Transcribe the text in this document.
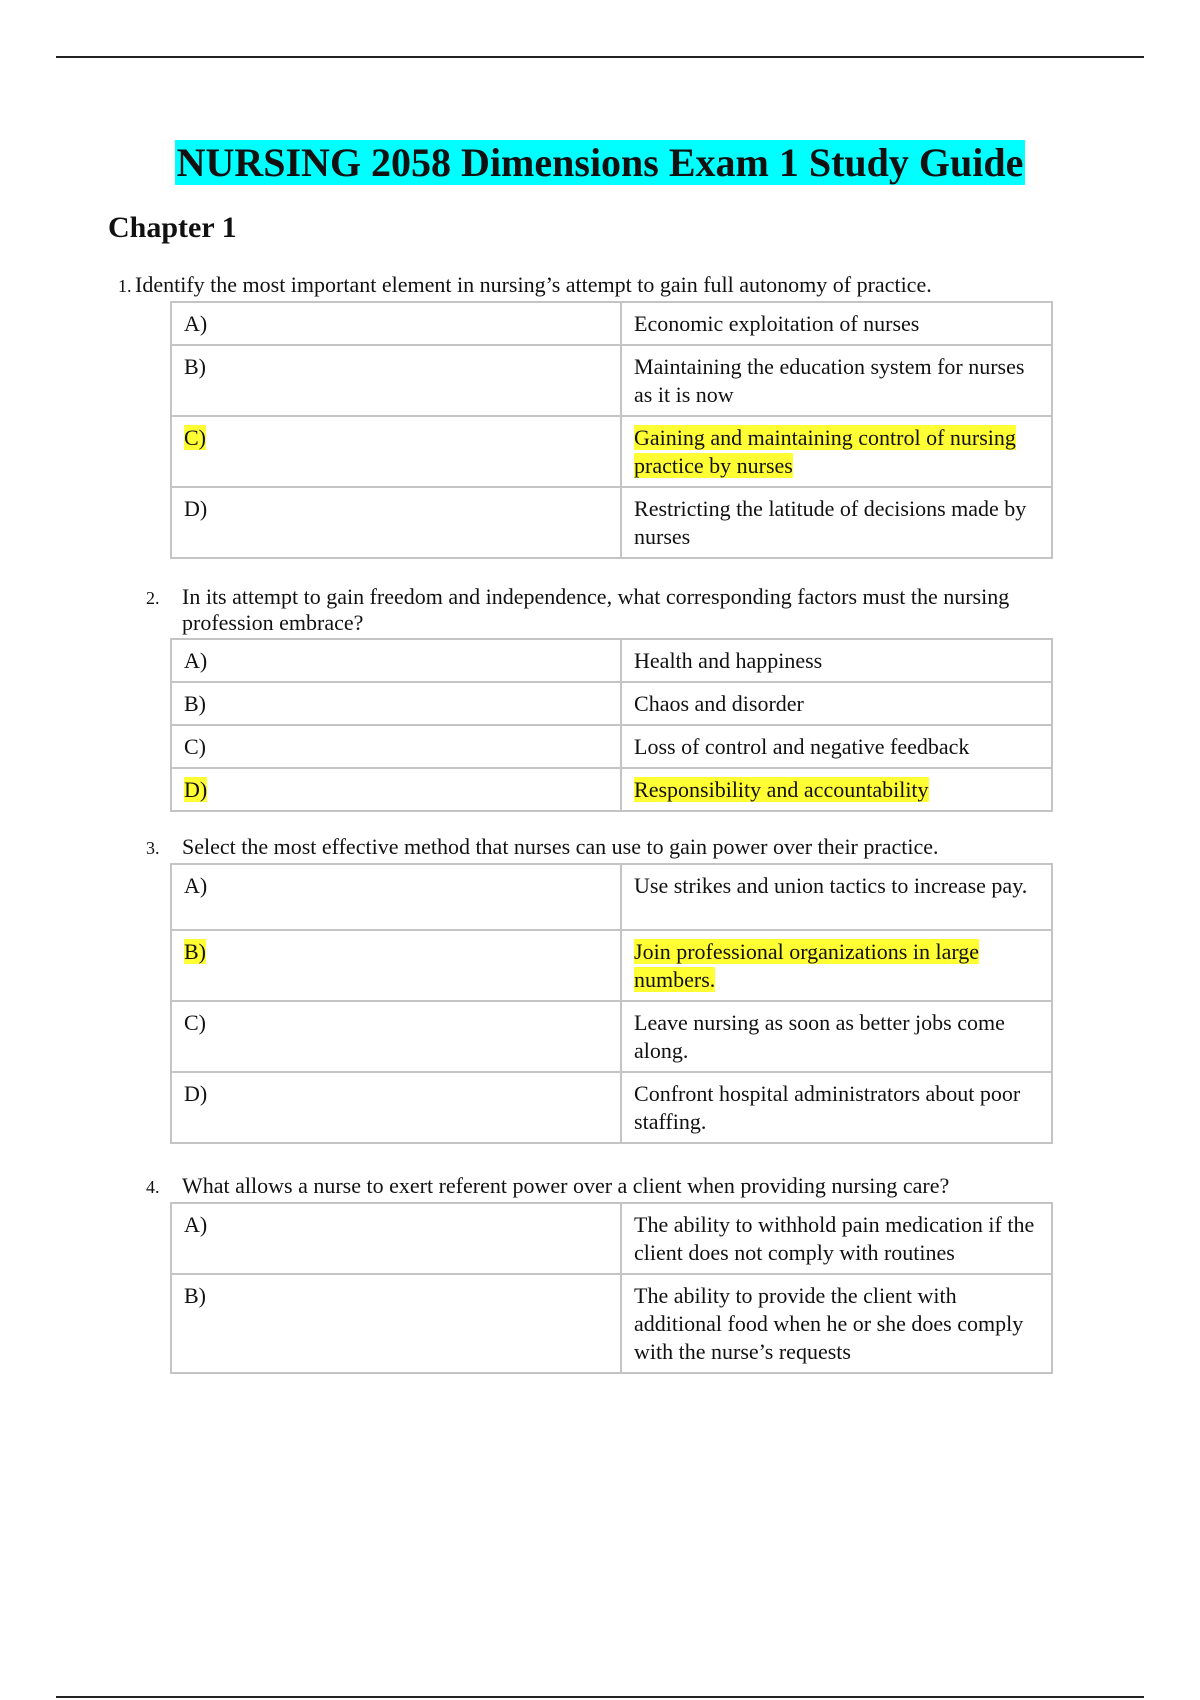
NURSING 2058 Dimensions Exam 1 Study Guide
Chapter 1
1. Identify the most important element in nursing’s attempt to gain full autonomy of practice.
A)	Economic exploitation of nurses
B)	Maintaining the education system for nurses as it is now
C)	Gaining and maintaining control of nursing practice by nurses
D)	Restricting the latitude of decisions made by nurses
2. In its attempt to gain freedom and independence, what corresponding factors must the nursing profession embrace?
A)	Health and happiness
B)	Chaos and disorder
C)	Loss of control and negative feedback
D)	Responsibility and accountability
3. Select the most effective method that nurses can use to gain power over their practice.
A)	Use strikes and union tactics to increase pay.
B)	Join professional organizations in large numbers.
C)	Leave nursing as soon as better jobs come along.
D)	Confront hospital administrators about poor staffing.
4. What allows a nurse to exert referent power over a client when providing nursing care?
A)	The ability to withhold pain medication if the client does not comply with routines
B)	The ability to provide the client with additional food when he or she does comply with the nurse’s requests
